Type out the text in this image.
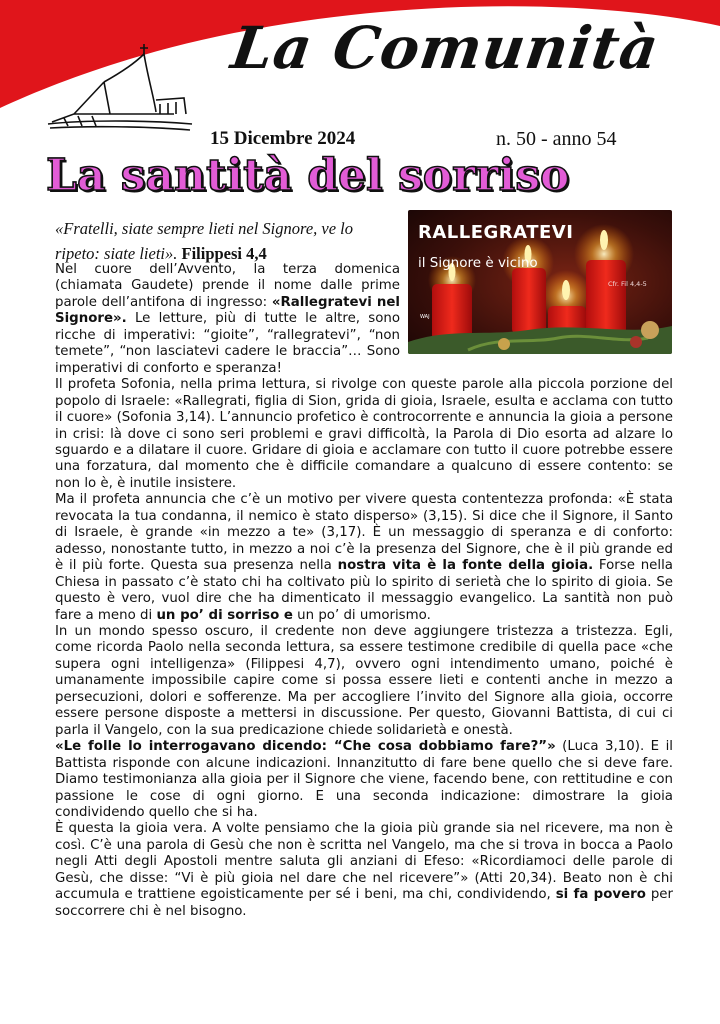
La Comunità
15 Dicembre 2024	n. 50 - anno 54
La santità del sorriso
RALLEGRATEVI
il Signore è vicino
Cfr. Fil 4,4-5
WAJ
«Fratelli, siate sempre lieti nel Signore, ve lo ripeto: siate lieti». Filippesi 4,4

Nel cuore dell’Avvento, la terza domenica (chiamata Gaudete) prende il nome dalle prime parole dell’antifona di ingresso: «Rallegratevi nel Signore». Le letture, più di tutte le altre, sono ricche di imperativi: “gioite”, “rallegratevi”, “non temete”, “non lasciatevi cadere le braccia”… Sono imperativi di conforto e speranza!

Il profeta Sofonia, nella prima lettura, si rivolge con queste parole alla piccola porzione del popolo di Israele: «Rallegrati, figlia di Sion, grida di gioia, Israele, esulta e acclama con tutto il cuore» (Sofonia 3,14). L’annuncio profetico è controcorrente e annuncia la gioia a persone in crisi: là dove ci sono seri problemi e gravi difficoltà, la Parola di Dio esorta ad alzare lo sguardo e a dilatare il cuore. Gridare di gioia e acclamare con tutto il cuore potrebbe essere una forzatura, dal momento che è difficile comandare a qualcuno di essere contento: se non lo è, è inutile insistere.

Ma il profeta annuncia che c’è un motivo per vivere questa contentezza profonda: «È stata revocata la tua condanna, il nemico è stato disperso» (3,15). Si dice che il Signore, il Santo di Israele, è grande «in mezzo a te» (3,17). È un messaggio di speranza e di conforto: adesso, nonostante tutto, in mezzo a noi c’è la presenza del Signore, che è il più grande ed è il più forte. Questa sua presenza nella nostra vita è la fonte della gioia. Forse nella Chiesa in passato c’è stato chi ha coltivato più lo spirito di serietà che lo spirito di gioia. Se questo è vero, vuol dire che ha dimenticato il messaggio evangelico. La santità non può fare a meno di un po’ di sorriso e un po’ di umorismo.

In un mondo spesso oscuro, il credente non deve aggiungere tristezza a tristezza. Egli, come ricorda Paolo nella seconda lettura, sa essere testimone credibile di quella pace «che supera ogni intelligenza» (Filippesi 4,7), ovvero ogni intendimento umano, poiché è umanamente impossibile capire come si possa essere lieti e contenti anche in mezzo a persecuzioni, dolori e sofferenze. Ma per accogliere l’invito del Signore alla gioia, occorre essere persone disposte a mettersi in discussione. Per questo, Giovanni Battista, di cui ci parla il Vangelo, con la sua predicazione chiede solidarietà e onestà.

«Le folle lo interrogavano dicendo: “Che cosa dobbiamo fare?”» (Luca 3,10). E il Battista risponde con alcune indicazioni. Innanzitutto di fare bene quello che si deve fare. Diamo testimonianza alla gioia per il Signore che viene, facendo bene, con rettitudine e con passione le cose di ogni giorno. E una seconda indicazione: dimostrare la gioia condividendo quello che si ha.

È questa la gioia vera. A volte pensiamo che la gioia più grande sia nel ricevere, ma non è così. C’è una parola di Gesù che non è scritta nel Vangelo, ma che si trova in bocca a Paolo negli Atti degli Apostoli mentre saluta gli anziani di Efeso: «Ricordiamoci delle parole di Gesù, che disse: “Vi è più gioia nel dare che nel ricevere”» (Atti 20,34). Beato non è chi accumula e trattiene egoisticamente per sé i beni, ma chi, condividendo, si fa povero per soccorrere chi è nel bisogno.
